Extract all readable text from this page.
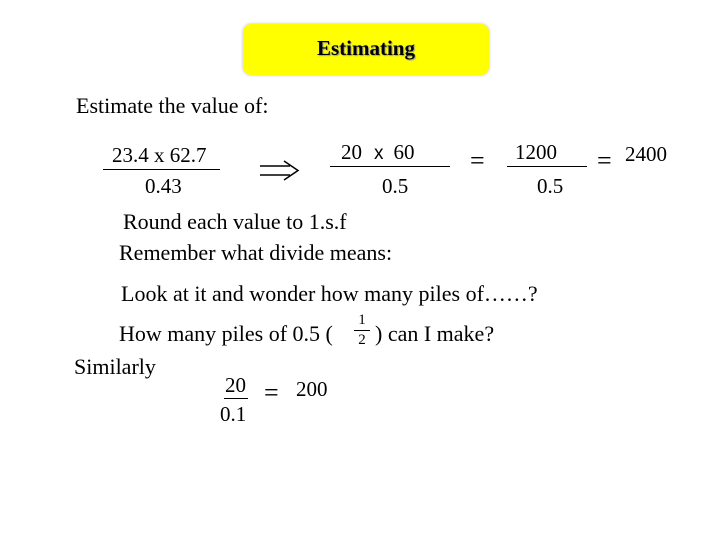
Estimating
Estimate the value of:
23.4 x 62.7
0.43
20 x 60
0.5
= 1200
0.5
= 2400
Round each value to 1.s.f
Remember what divide means:
Look at it and wonder how many piles of……?
How many piles of 0.5 (
1
2 ) can I make?
Similarly
20
0.1
= 200
